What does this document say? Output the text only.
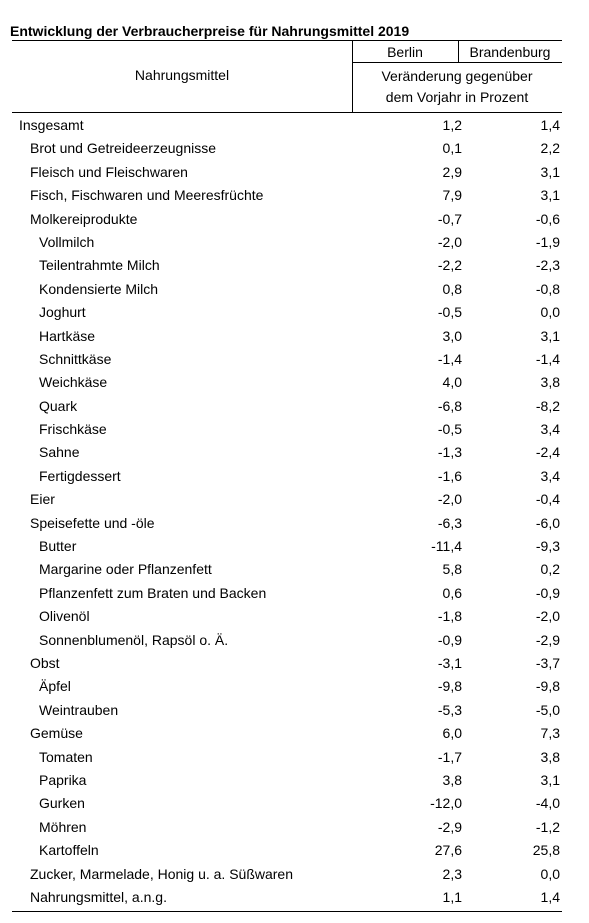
Entwicklung der Verbraucherpreise für Nahrungsmittel 2019
Nahrungsmittel
Berlin	Brandenburg
Veränderung gegenüber
dem Vorjahr in Prozent
Insgesamt	1,2	1,4
Brot und Getreideerzeugnisse	0,1	2,2
Fleisch und Fleischwaren	2,9	3,1
Fisch, Fischwaren und Meeresfrüchte	7,9	3,1
Molkereiprodukte	-0,7	-0,6
Vollmilch	-2,0	-1,9
Teilentrahmte Milch	-2,2	-2,3
Kondensierte Milch	0,8	-0,8
Joghurt	-0,5	0,0
Hartkäse	3,0	3,1
Schnittkäse	-1,4	-1,4
Weichkäse	4,0	3,8
Quark	-6,8	-8,2
Frischkäse	-0,5	3,4
Sahne	-1,3	-2,4
Fertigdessert	-1,6	3,4
Eier	-2,0	-0,4
Speisefette und -öle	-6,3	-6,0
Butter	-11,4	-9,3
Margarine oder Pflanzenfett	5,8	0,2
Pflanzenfett zum Braten und Backen	0,6	-0,9
Olivenöl	-1,8	-2,0
Sonnenblumenöl, Rapsöl o. Ä.	-0,9	-2,9
Obst	-3,1	-3,7
Äpfel	-9,8	-9,8
Weintrauben	-5,3	-5,0
Gemüse	6,0	7,3
Tomaten	-1,7	3,8
Paprika	3,8	3,1
Gurken	-12,0	-4,0
Möhren	-2,9	-1,2
Kartoffeln	27,6	25,8
Zucker, Marmelade, Honig u. a. Süßwaren	2,3	0,0
Nahrungsmittel, a.n.g.	1,1	1,4
